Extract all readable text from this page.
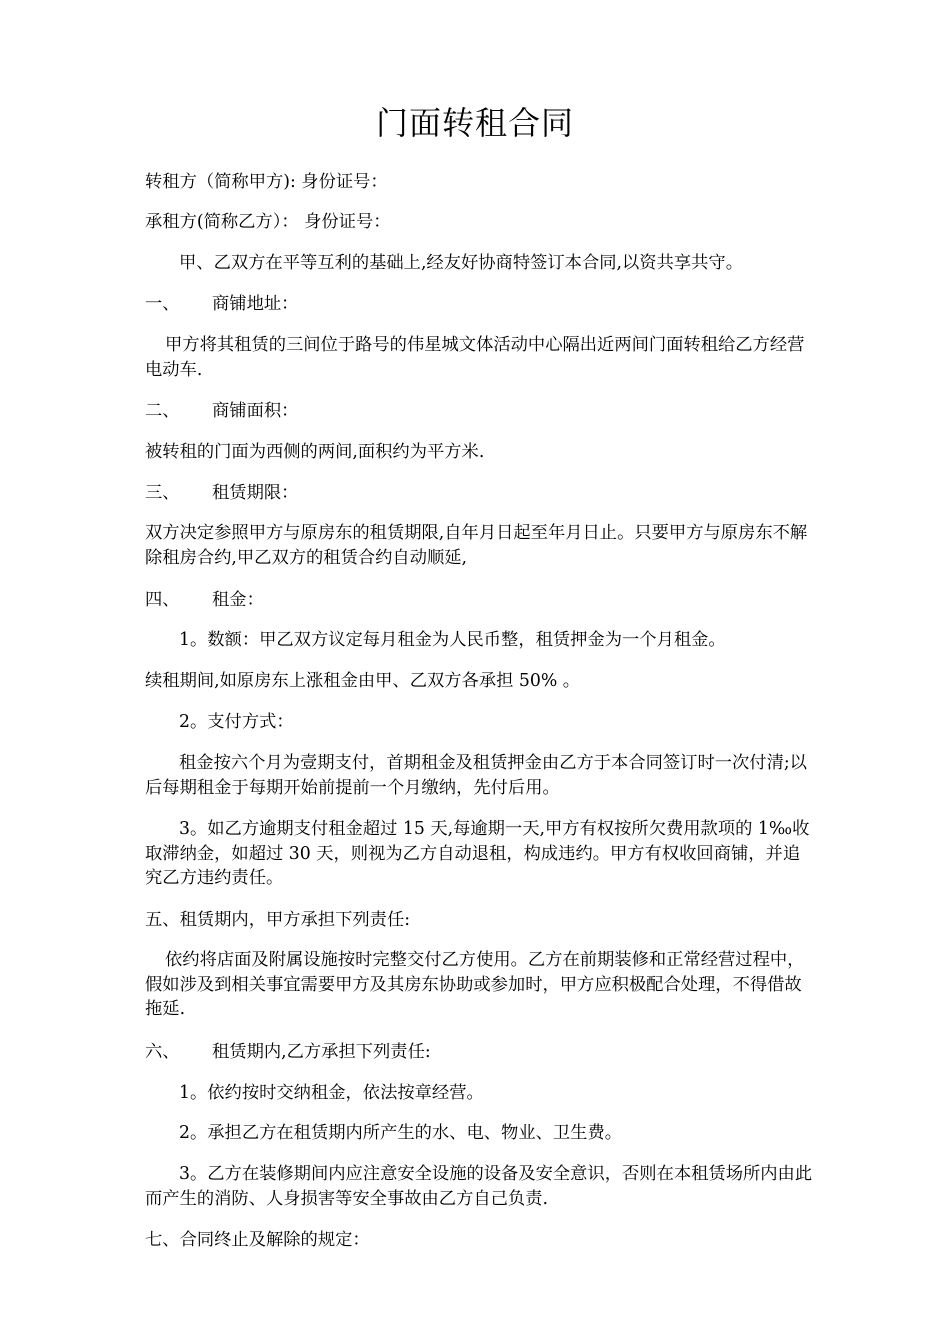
门面转租合同

转租方（简称甲方): 身份证号：

承租方(简称乙方）： 身份证号：

甲、乙双方在平等互利的基础上,经友好协商特签订本合同,以资共享共守。

一、 商铺地址：

甲方将其租赁的三间位于路号的伟星城文体活动中心隔出近两间门面转租给乙方经营电动车.

二、 商铺面积：

被转租的门面为西侧的两间,面积约为平方米.

三、 租赁期限：

双方决定参照甲方与原房东的租赁期限,自年月日起至年月日止。只要甲方与原房东不解除租房合约,甲乙双方的租赁合约自动顺延,

四、 租金：

1。数额：甲乙双方议定每月租金为人民币整，租赁押金为一个月租金。

续租期间,如原房东上涨租金由甲、乙双方各承担 50% 。

2。支付方式：

租金按六个月为壹期支付，首期租金及租赁押金由乙方于本合同签订时一次付清;以后每期租金于每期开始前提前一个月缴纳，先付后用。

3。如乙方逾期支付租金超过 15 天,每逾期一天,甲方有权按所欠费用款项的 1‰收取滞纳金，如超过 30 天，则视为乙方自动退租，构成违约。甲方有权收回商铺，并追究乙方违约责任。

五、租赁期内，甲方承担下列责任:

依约将店面及附属设施按时完整交付乙方使用。乙方在前期装修和正常经营过程中，假如涉及到相关事宜需要甲方及其房东协助或参加时，甲方应积极配合处理，不得借故拖延.

六、 租赁期内,乙方承担下列责任:

1。依约按时交纳租金，依法按章经营。

2。承担乙方在租赁期内所产生的水、电、物业、卫生费。

3。乙方在装修期间内应注意安全设施的设备及安全意识，否则在本租赁场所内由此而产生的消防、人身损害等安全事故由乙方自己负责.

七、合同终止及解除的规定：
